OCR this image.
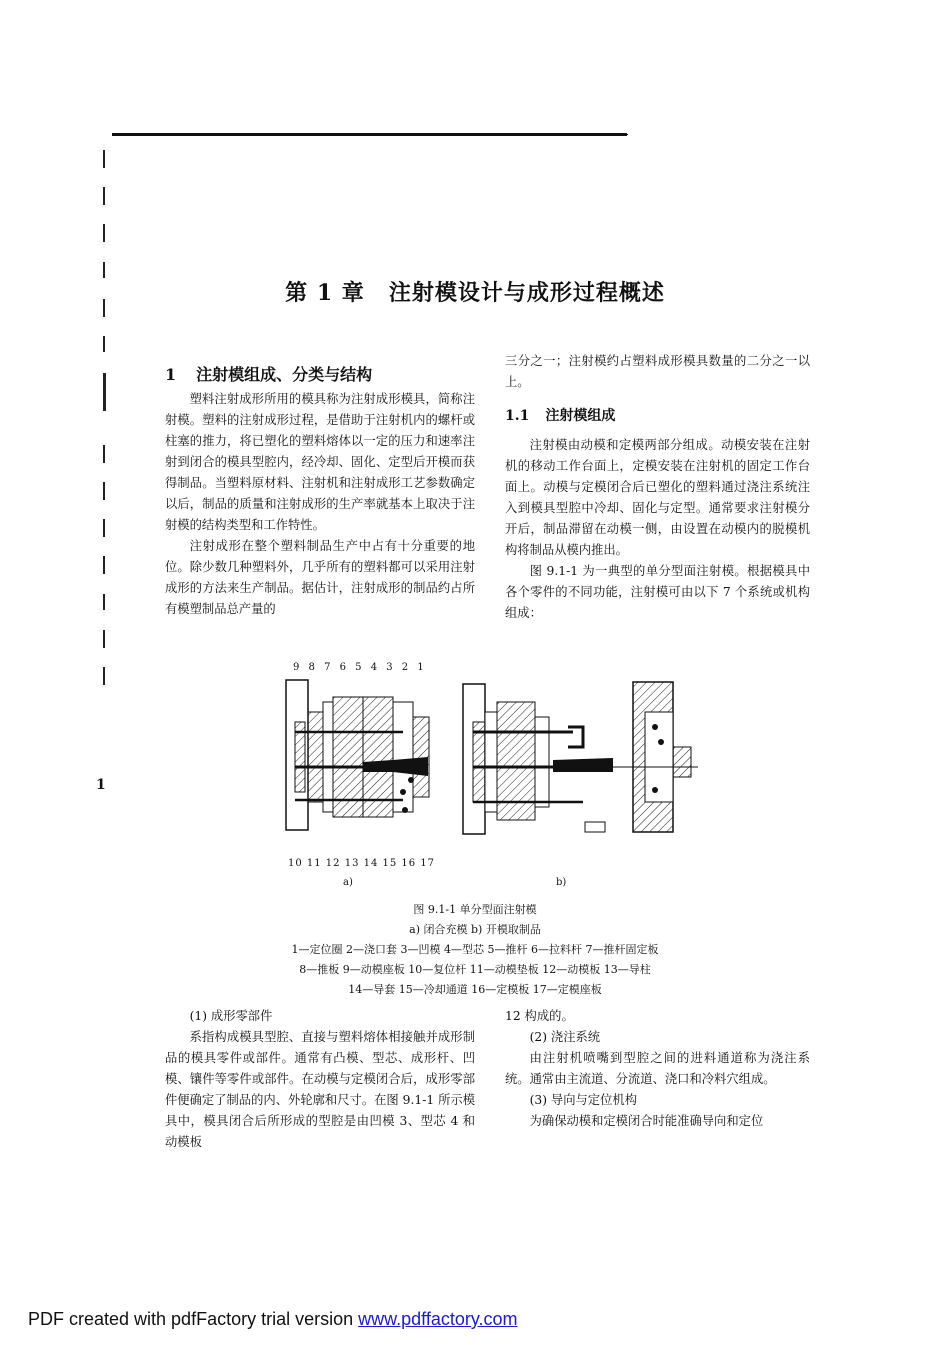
1
第 1 章 注射模设计与成形过程概述
1 注射模组成、分类与结构

塑料注射成形所用的模具称为注射成形模具，简称注射模。塑料的注射成形过程，是借助于注射机内的螺杆或柱塞的推力，将已塑化的塑料熔体以一定的压力和速率注射到闭合的模具型腔内，经冷却、固化、定型后开模而获得制品。当塑料原材料、注射机和注射成形工艺参数确定以后，制品的质量和注射成形的生产率就基本上取决于注射模的结构类型和工作特性。

注射成形在整个塑料制品生产中占有十分重要的地位。除少数几种塑料外，几乎所有的塑料都可以采用注射成形的方法来生产制品。据估计，注射成形的制品约占所有模塑制品总产量的

三分之一；注射模约占塑料成形模具数量的二分之一以上。

1.1 注射模组成

注射模由动模和定模两部分组成。动模安装在注射机的移动工作台面上，定模安装在注射机的固定工作台面上。动模与定模闭合后已塑化的塑料通过浇注系统注入到模具型腔中冷却、固化与定型。通常要求注射模分开后，制品滞留在动模一侧，由设置在动模内的脱模机构将制品从模内推出。

图 9.1-1 为一典型的单分型面注射模。根据模具中各个零件的不同功能，注射模可由以下 7 个系统或机构组成：

9 8 7 6 5 4 3 2 1
10 11 12 13 14 15 16 17
a)	b)
图 9.1-1 单分型面注射模
a) 闭合充模 b) 开模取制品
1—定位圈 2—浇口套 3—凹模 4—型芯 5—推杆 6—拉料杆 7—推杆固定板
8—推板 9—动模座板 10—复位杆 11—动模垫板 12—动模板 13—导柱
14—导套 15—冷却通道 16—定模板 17—定模座板

(1) 成形零部件

系指构成模具型腔、直接与塑料熔体相接触并成形制品的模具零件或部件。通常有凸模、型芯、成形杆、凹模、镶件等零件或部件。在动模与定模闭合后，成形零部件便确定了制品的内、外轮廓和尺寸。在图 9.1-1 所示模具中，模具闭合后所形成的型腔是由凹模 3、型芯 4 和动模板

12 构成的。

(2) 浇注系统

由注射机喷嘴到型腔之间的进料通道称为浇注系统。通常由主流道、分流道、浇口和冷料穴组成。

(3) 导向与定位机构

为确保动模和定模闭合时能准确导向和定位

PDF created with pdfFactory trial version www.pdffactory.com
